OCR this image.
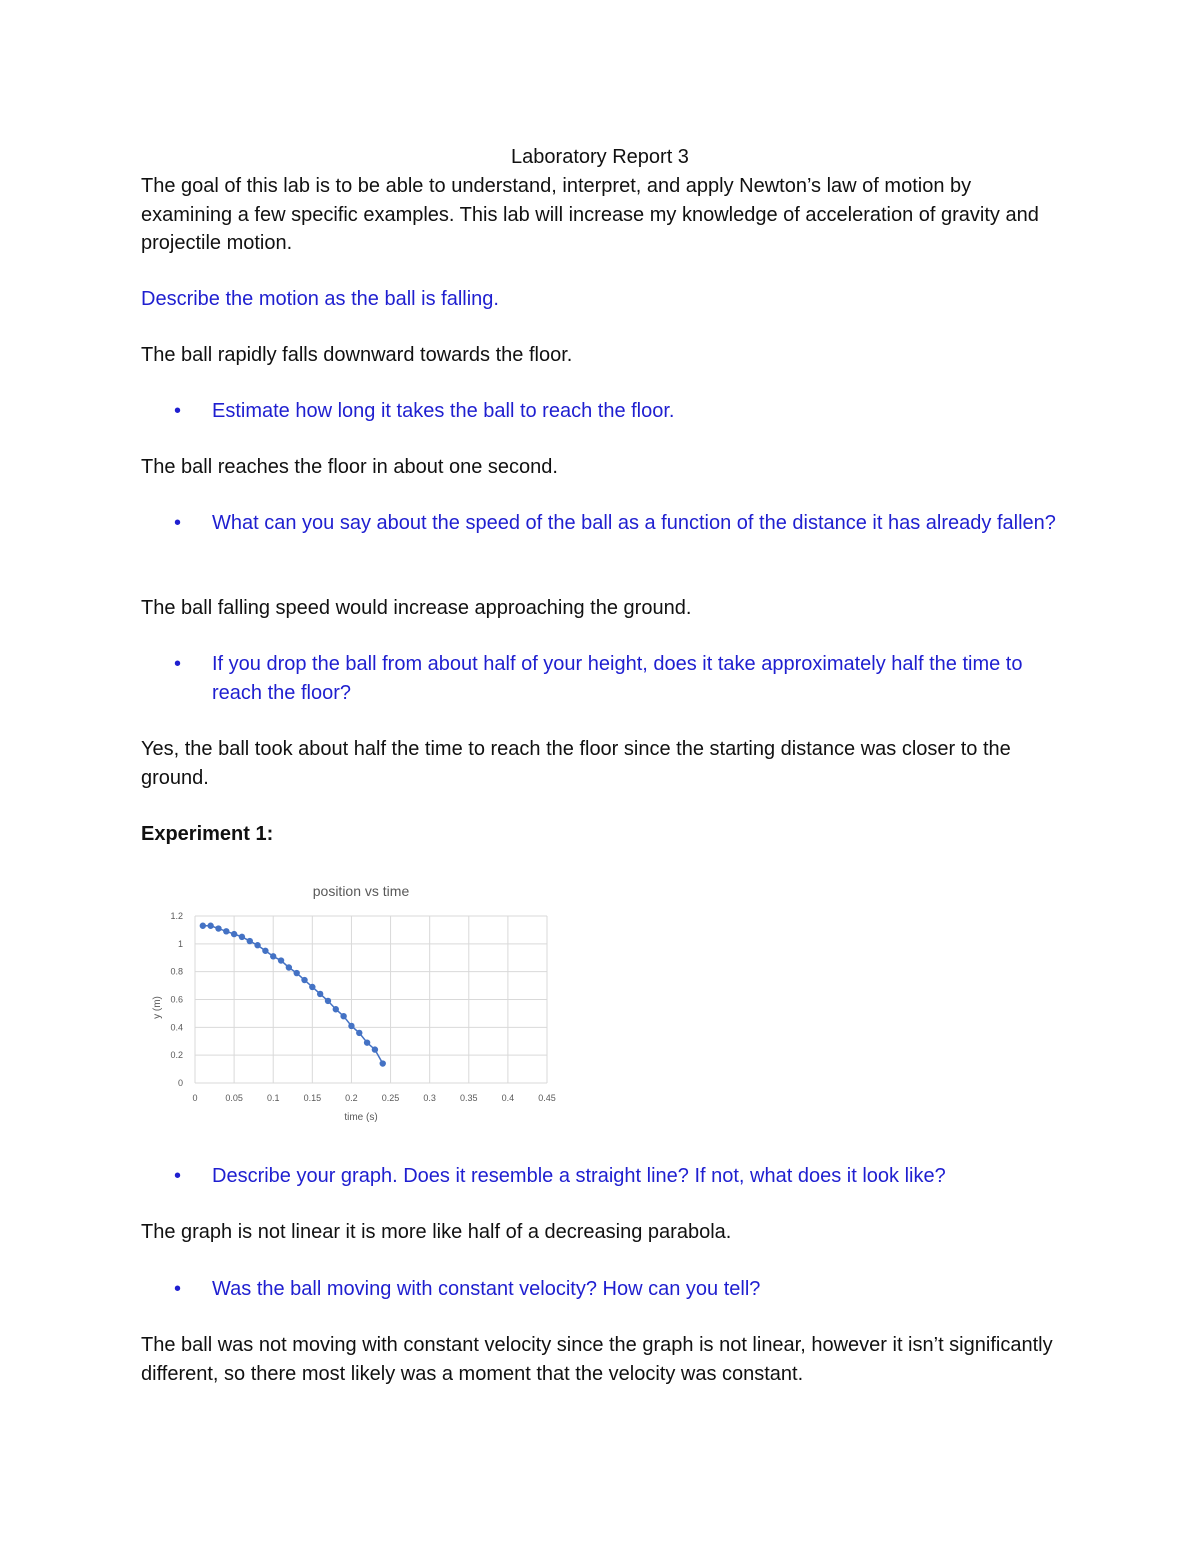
Laboratory Report 3
The goal of this lab is to be able to understand, interpret, and apply Newton’s law of motion by examining a few specific examples. This lab will increase my knowledge of acceleration of gravity and projectile motion.
Describe the motion as the ball is falling.
The ball rapidly falls downward towards the floor.
•	Estimate how long it takes the ball to reach the floor.
The ball reaches the floor in about one second.
•	What can you say about the speed of the ball as a function of the distance it has already fallen?
The ball falling speed would increase approaching the ground.
•	If you drop the ball from about half of your height, does it take approximately half the time to reach the floor?
Yes, the ball took about half the time to reach the floor since the starting distance was closer to the ground.
Experiment 1:
position vs time
0	0.05	0.1	0.15	0.2	0.25	0.3	0.35	0.4	0.45
0
0.2
0.4
0.6
0.8
1
1.2
time (s)
y (m)
•	Describe your graph. Does it resemble a straight line? If not, what does it look like?
The graph is not linear it is more like half of a decreasing parabola.
•	Was the ball moving with constant velocity? How can you tell?
The ball was not moving with constant velocity since the graph is not linear, however it isn’t significantly different, so there most likely was a moment that the velocity was constant.
